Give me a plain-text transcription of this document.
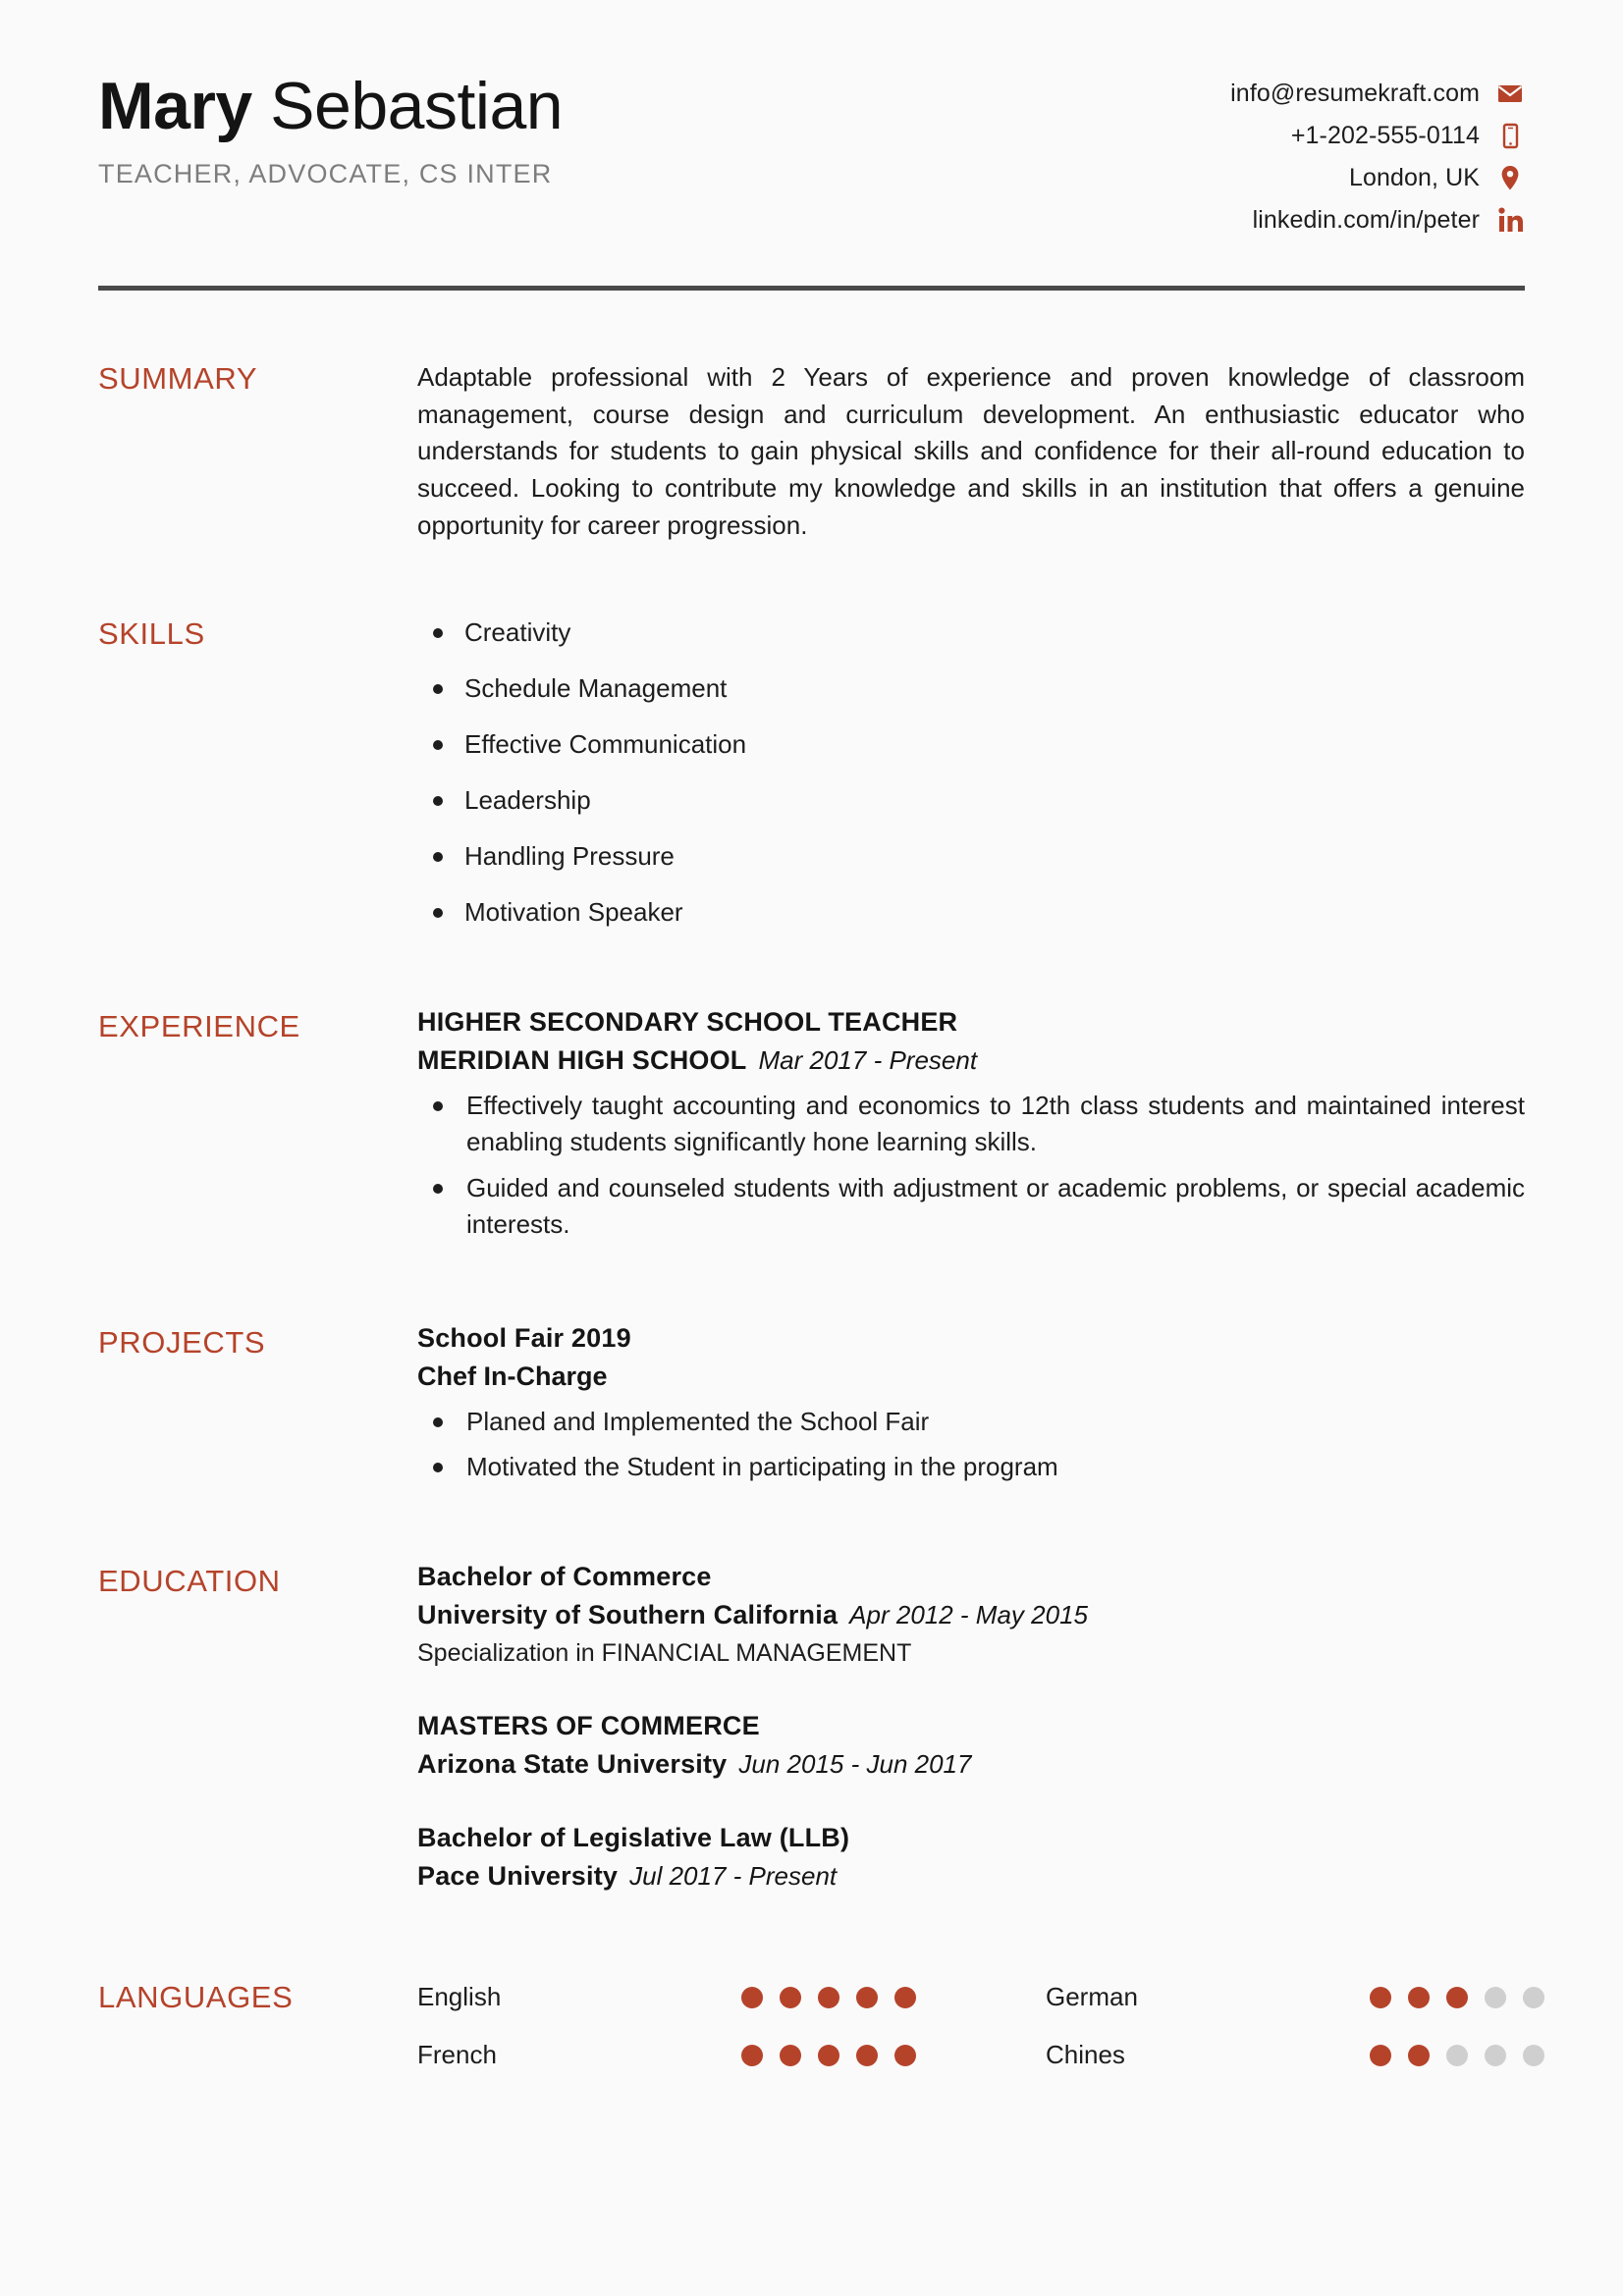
Mary Sebastian
TEACHER, ADVOCATE, CS INTER
info@resumekraft.com
+1-202-555-0114
London, UK
linkedin.com/in/peter
SUMMARY	Adaptable professional with 2 Years of experience and proven knowledge of classroom management, course design and curriculum development. An enthusiastic educator who understands for students to gain physical skills and confidence for their all-round education to succeed. Looking to contribute my knowledge and skills in an institution that offers a genuine opportunity for career progression.

SKILLS	Creativity
Schedule Management
Effective Communication
Leadership
Handling Pressure
Motivation Speaker
EXPERIENCE	HIGHER SECONDARY SCHOOL TEACHER
MERIDIAN HIGH SCHOOL Mar 2017 - Present
Effectively taught accounting and economics to 12th class students and maintained interest enabling students significantly hone learning skills.
Guided and counseled students with adjustment or academic problems, or special academic interests.
PROJECTS	School Fair 2019
Chef In-Charge
Planed and Implemented the School Fair
Motivated the Student in participating in the program
EDUCATION	Bachelor of Commerce
University of Southern California Apr 2012 - May 2015
Specialization in FINANCIAL MANAGEMENT
MASTERS OF COMMERCE
Arizona State University Jun 2015 - Jun 2017
Bachelor of Legislative Law (LLB)
Pace University Jul 2017 - Present
LANGUAGES	English	German
French	Chines
